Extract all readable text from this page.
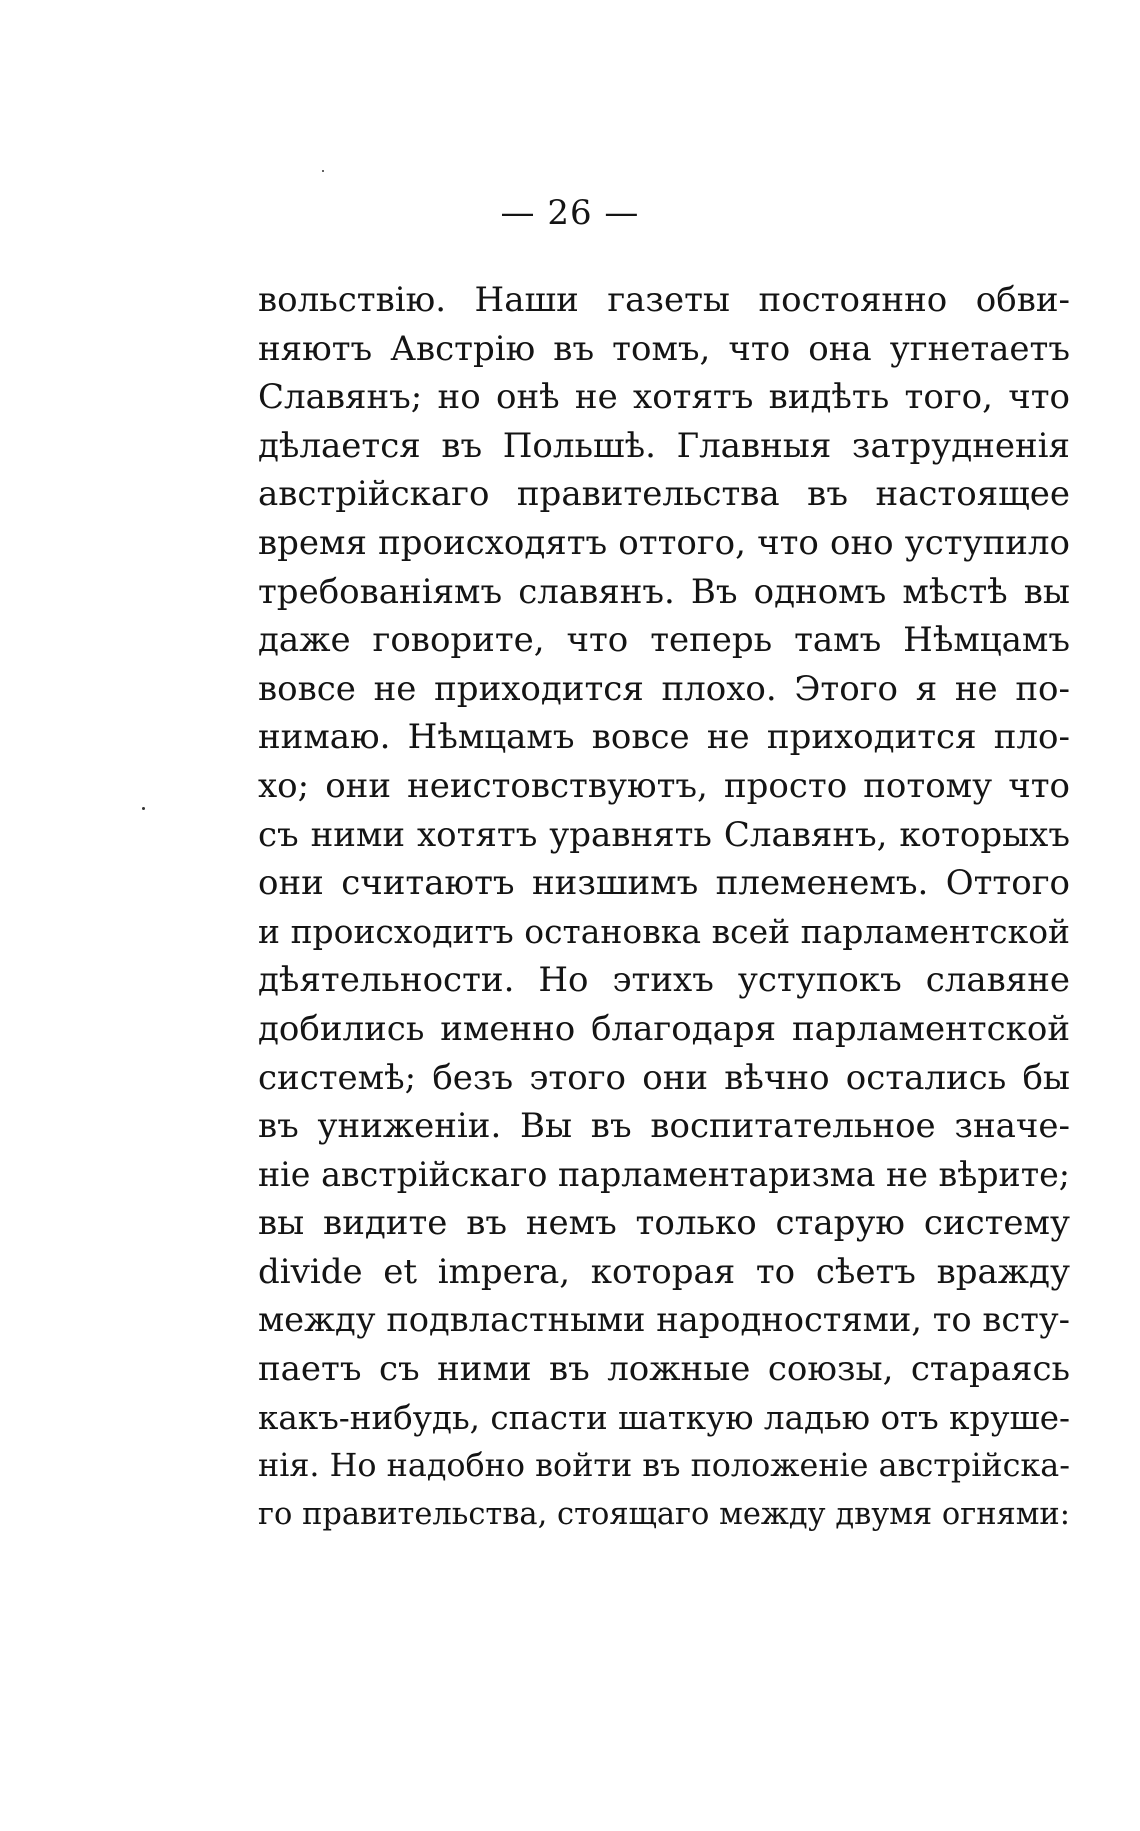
— 26 —
вольствiю. Наши газеты постоянно обви-
няютъ Австрiю въ томъ, что она угнетаетъ
Славянъ; но онѣ не хотятъ видѣть того, что
дѣлается въ Польшѣ. Главныя затрудненiя
австрiйскаго правительства въ настоящее
время происходятъ оттого, что оно уступило
требованiямъ славянъ. Въ одномъ мѣстѣ вы
даже говорите, что теперь тамъ Нѣмцамъ
вовсе не приходится плохо. Этого я не по-
нимаю. Нѣмцамъ вовсе не приходится пло-
хо; они неистовствуютъ, просто потому что
съ ними хотятъ уравнять Славянъ, которыхъ
они считаютъ низшимъ племенемъ. Оттого
и происходитъ остановка всей парламентской
дѣятельности. Но этихъ уступокъ славяне
добились именно благодаря парламентской
системѣ; безъ этого они вѣчно остались бы
въ униженiи. Вы въ воспитательное значе-
нiе австрiйскаго парламентаризма не вѣрите;
вы видите въ немъ только старую систему
divide et impera, которая то сѣетъ вражду
между подвластными народностями, то всту-
паетъ съ ними въ ложные союзы, стараясь
какъ-нибудь, спасти шаткую ладью отъ круше-
нiя. Но надобно войти въ положенiе австрiйска-
го правительства, стоящаго между двумя огнями:
